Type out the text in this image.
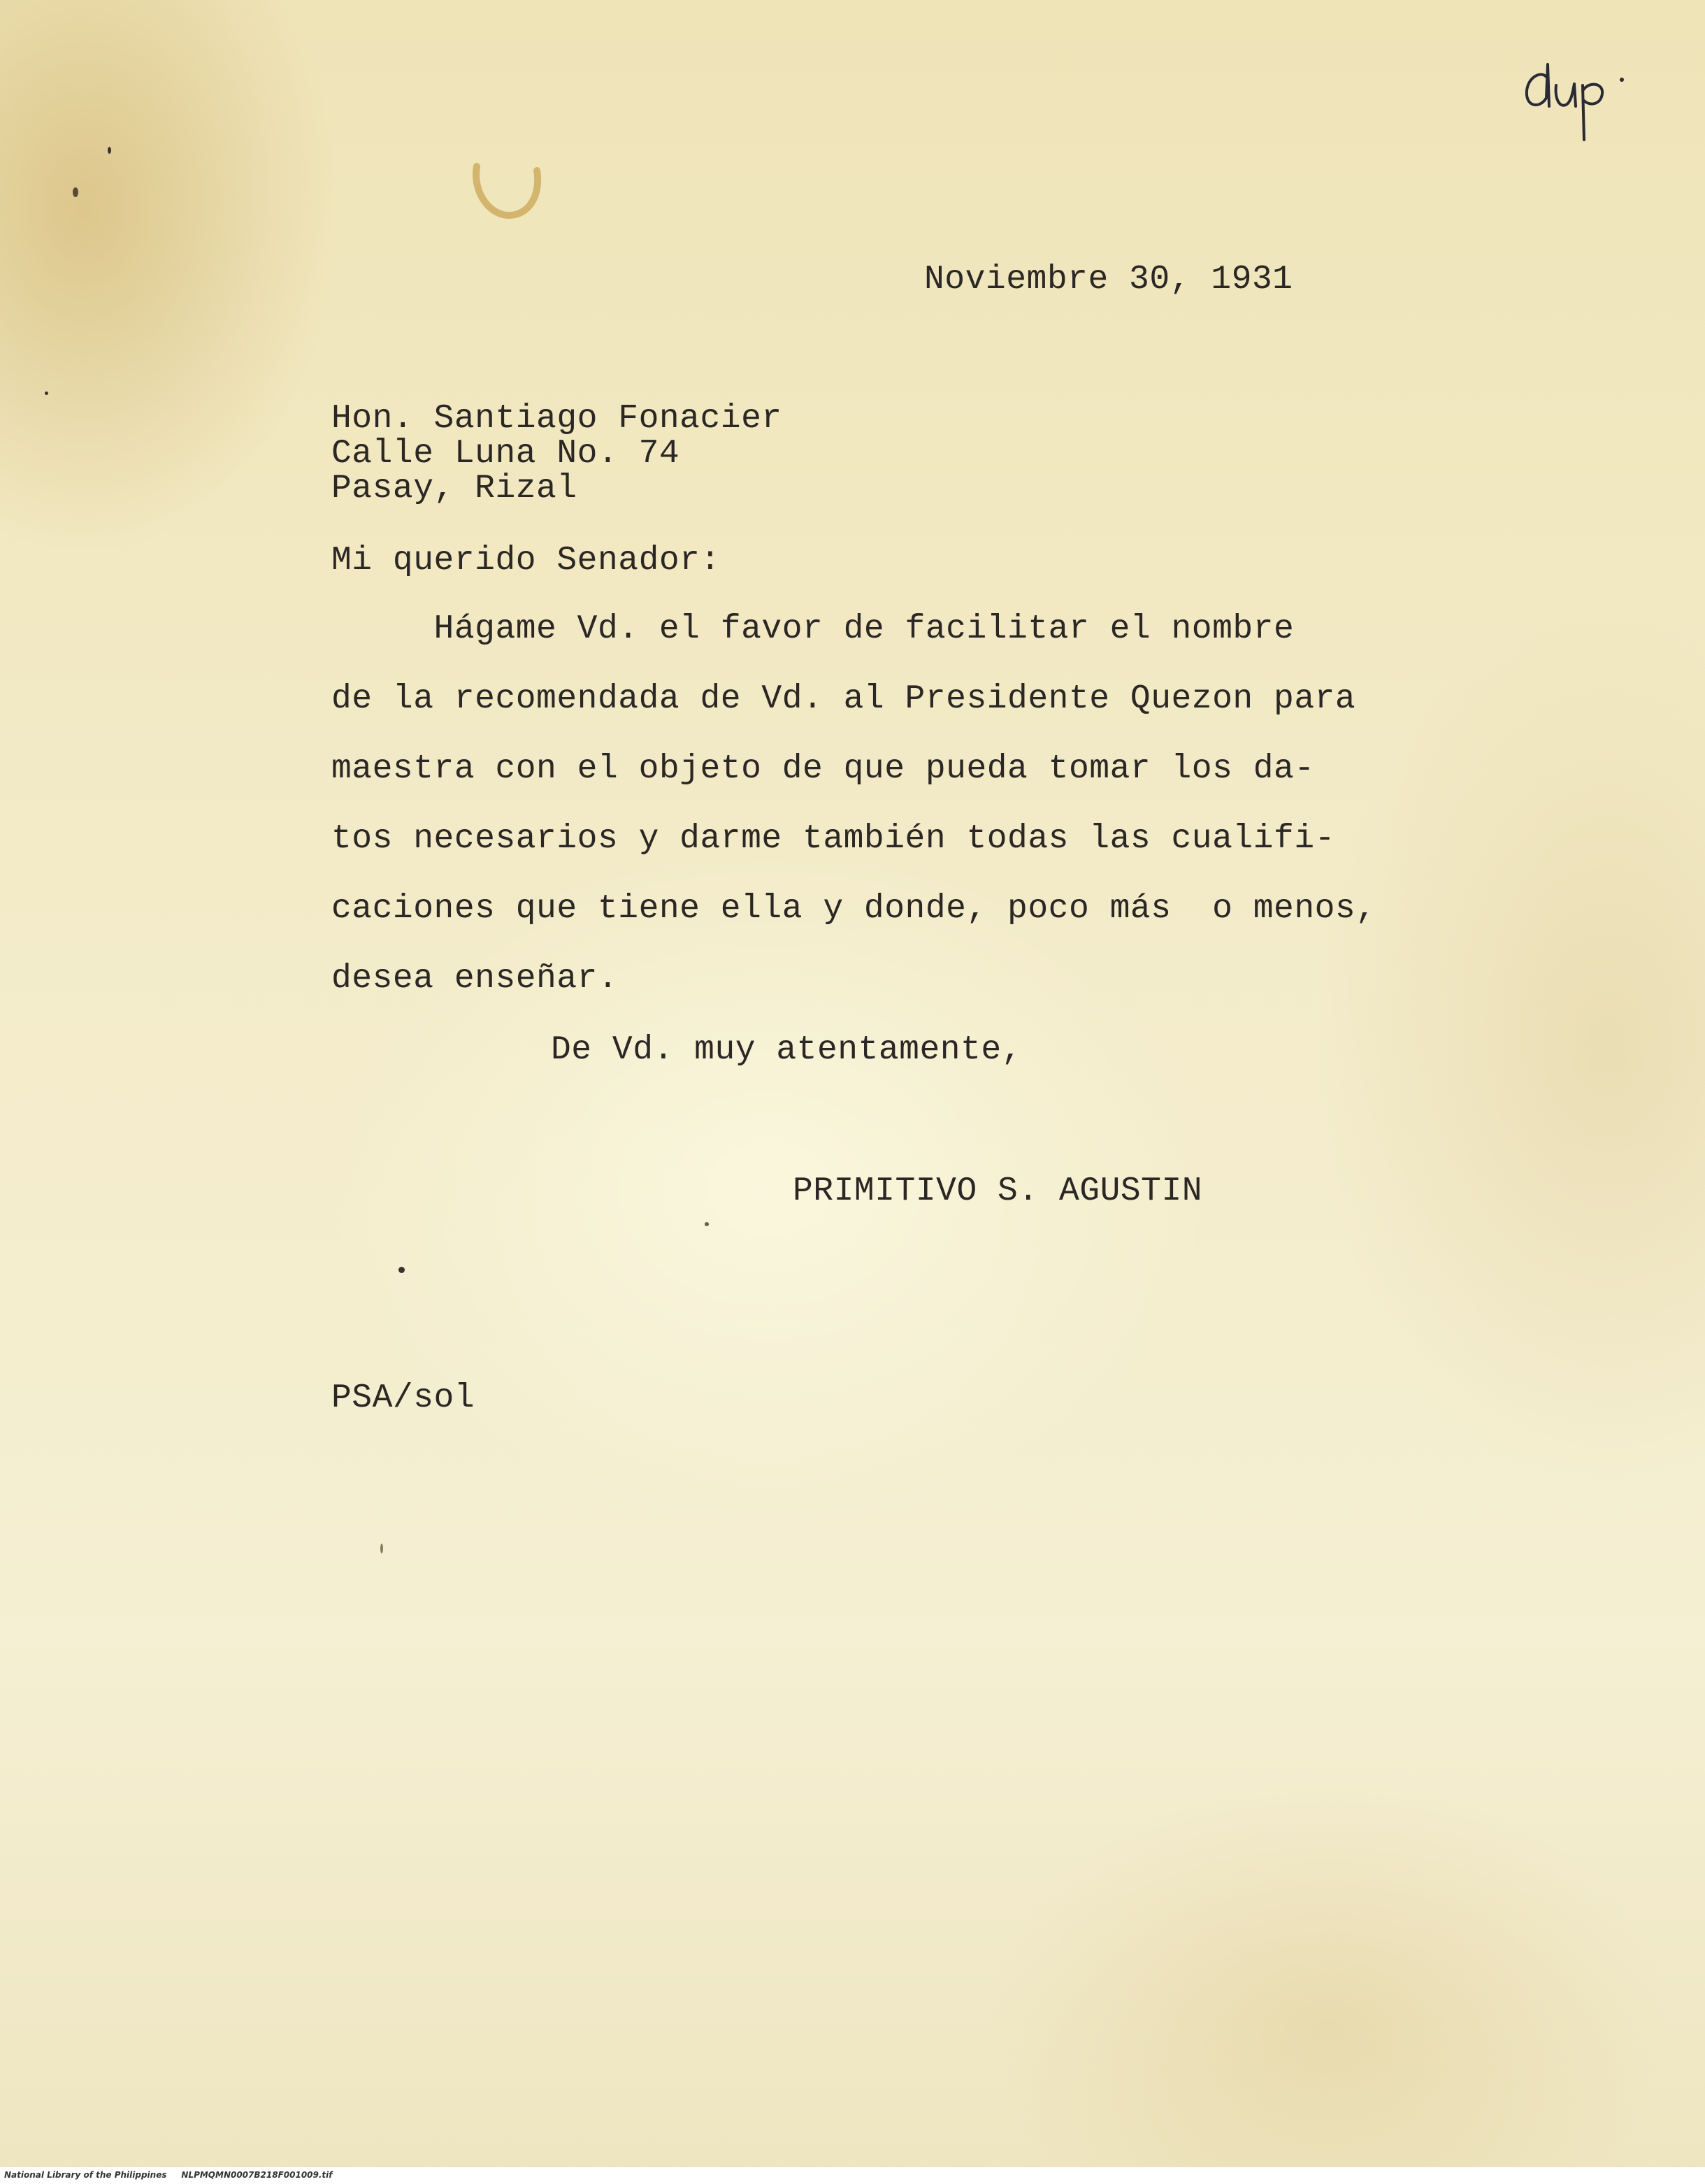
Noviembre 30, 1931
Hon. Santiago Fonacier
Calle Luna No. 74
Pasay, Rizal
Mi querido Senador:
Hágame Vd. el favor de facilitar el nombre
de la recomendada de Vd. al Presidente Quezon para
maestra con el objeto de que pueda tomar los da-
tos necesarios y darme también todas las cualifi-
caciones que tiene ella y donde, poco más  o menos,
desea enseñar.
De Vd. muy atentamente,
PRIMITIVO S. AGUSTIN
PSA/sol
National Library of the Philippines NLPMQMN0007B218F001009.tif
